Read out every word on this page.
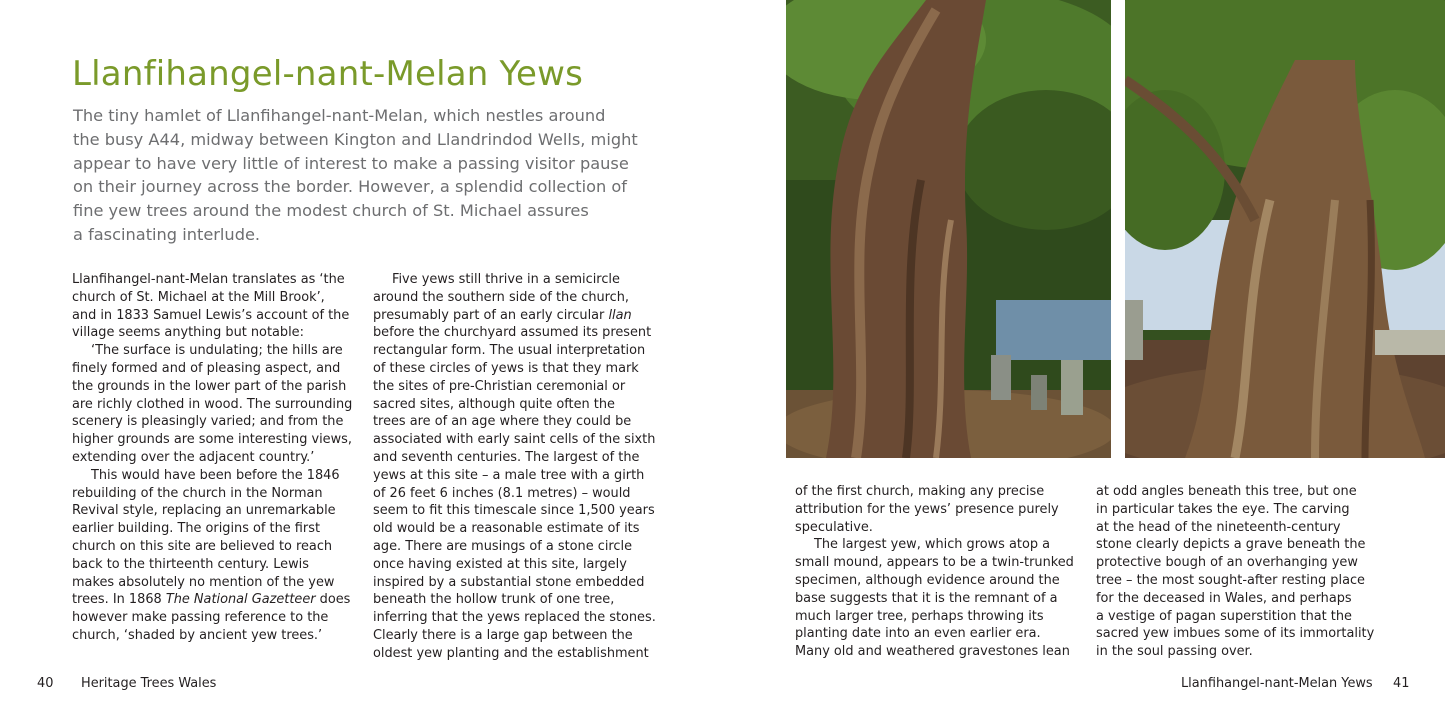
Llanfihangel-nant-Melan Yews
The tiny hamlet of Llanfihangel-nant-Melan, which nestles around
the busy A44, midway between Kington and Llandrindod Wells, might
appear to have very little of interest to make a passing visitor pause
on their journey across the border. However, a splendid collection of
fine yew trees around the modest church of St. Michael assures
a fascinating interlude.
Llanfihangel-nant-Melan translates as ‘the
church of St. Michael at the Mill Brook’,
and in 1833 Samuel Lewis’s account of the
village seems anything but notable:
‘The surface is undulating; the hills are
finely formed and of pleasing aspect, and
the grounds in the lower part of the parish
are richly clothed in wood. The surrounding
scenery is pleasingly varied; and from the
higher grounds are some interesting views,
extending over the adjacent country.’
This would have been before the 1846
rebuilding of the church in the Norman
Revival style, replacing an unremarkable
earlier building. The origins of the first
church on this site are believed to reach
back to the thirteenth century. Lewis
makes absolutely no mention of the yew
trees. In 1868 The National Gazetteer does
however make passing reference to the
church, ‘shaded by ancient yew trees.’
Five yews still thrive in a semicircle
around the southern side of the church,
presumably part of an early circular llan
before the churchyard assumed its present
rectangular form. The usual interpretation
of these circles of yews is that they mark
the sites of pre-Christian ceremonial or
sacred sites, although quite often the
trees are of an age where they could be
associated with early saint cells of the sixth
and seventh centuries. The largest of the
yews at this site – a male tree with a girth
of 26 feet 6 inches (8.1 metres) – would
seem to fit this timescale since 1,500 years
old would be a reasonable estimate of its
age. There are musings of a stone circle
once having existed at this site, largely
inspired by a substantial stone embedded
beneath the hollow trunk of one tree,
inferring that the yews replaced the stones.
Clearly there is a large gap between the
oldest yew planting and the establishment
of the first church, making any precise
attribution for the yews’ presence purely
speculative.
The largest yew, which grows atop a
small mound, appears to be a twin-trunked
specimen, although evidence around the
base suggests that it is the remnant of a
much larger tree, perhaps throwing its
planting date into an even earlier era.
Many old and weathered gravestones lean
at odd angles beneath this tree, but one
in particular takes the eye. The carving
at the head of the nineteenth-century
stone clearly depicts a grave beneath the
protective bough of an overhanging yew
tree – the most sought-after resting place
for the deceased in Wales, and perhaps
a vestige of pagan superstition that the
sacred yew imbues some of its immortality
in the soul passing over.
40 Heritage Trees Wales	Llanfihangel-nant-Melan Yews 41
